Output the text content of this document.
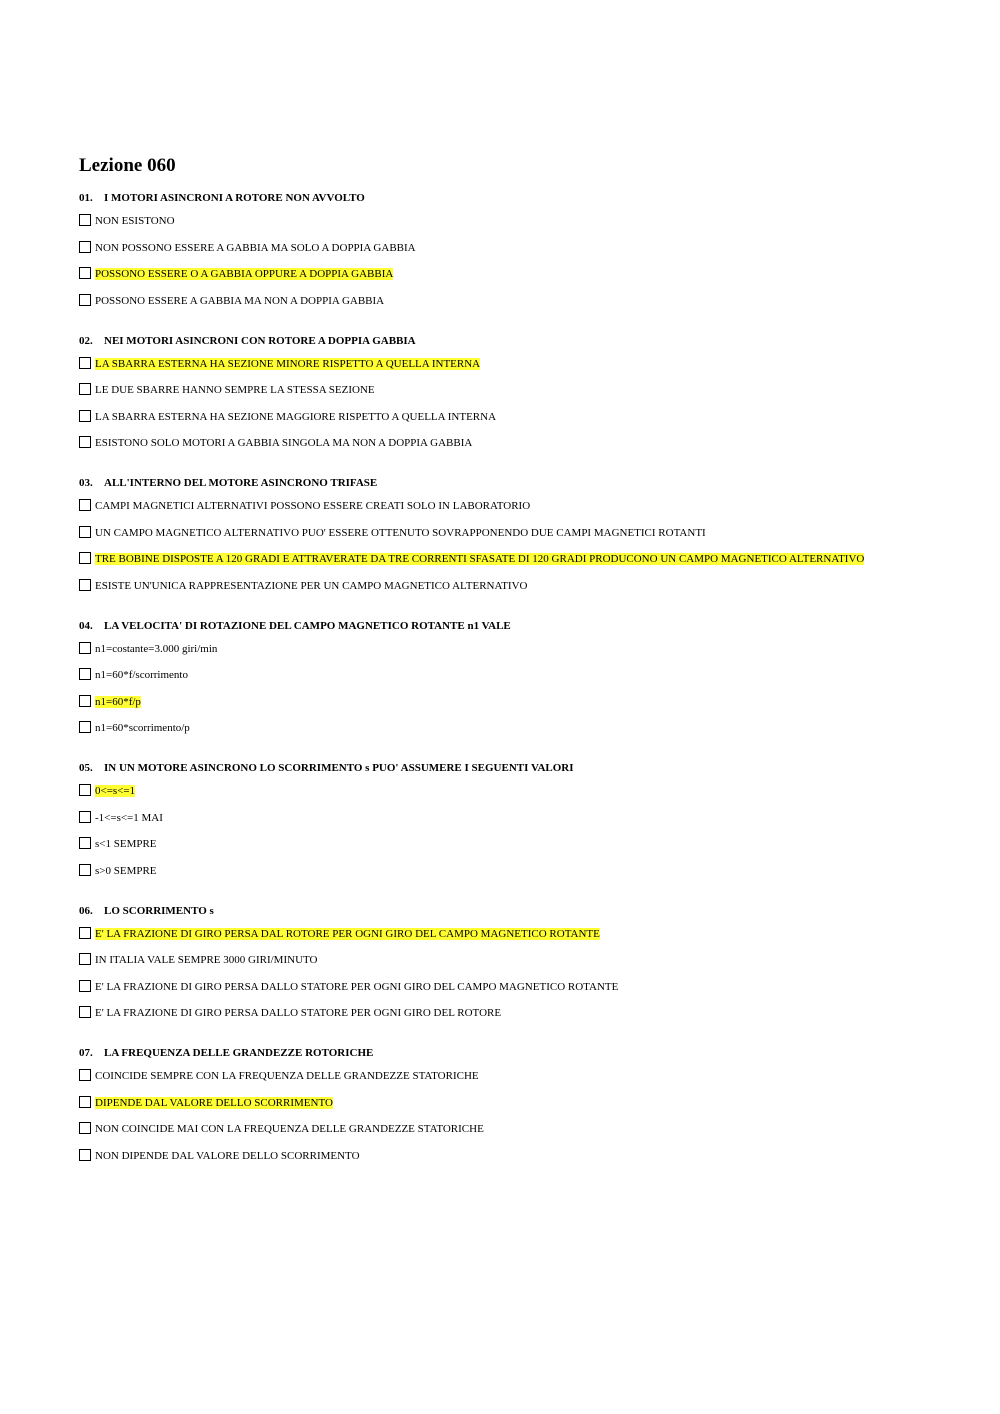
Lezione 060
01. I MOTORI ASINCRONI A ROTORE NON AVVOLTO
NON ESISTONO
NON POSSONO ESSERE A GABBIA MA SOLO A DOPPIA GABBIA
POSSONO ESSERE O A GABBIA OPPURE A DOPPIA GABBIA
POSSONO ESSERE A GABBIA MA NON A DOPPIA GABBIA
02. NEI MOTORI ASINCRONI CON ROTORE A DOPPIA GABBIA
LA SBARRA ESTERNA HA SEZIONE MINORE RISPETTO A QUELLA INTERNA
LE DUE SBARRE HANNO SEMPRE LA STESSA SEZIONE
LA SBARRA ESTERNA HA SEZIONE MAGGIORE RISPETTO A QUELLA INTERNA
ESISTONO SOLO MOTORI A GABBIA SINGOLA MA NON A DOPPIA GABBIA
03. ALL'INTERNO DEL MOTORE ASINCRONO TRIFASE
CAMPI MAGNETICI ALTERNATIVI POSSONO ESSERE CREATI SOLO IN LABORATORIO
UN CAMPO MAGNETICO ALTERNATIVO PUO' ESSERE OTTENUTO SOVRAPPONENDO DUE CAMPI MAGNETICI ROTANTI
TRE BOBINE DISPOSTE A 120 GRADI E ATTRAVERATE DA TRE CORRENTI SFASATE DI 120 GRADI PRODUCONO UN CAMPO MAGNETICO ALTERNATIVO
ESISTE UN'UNICA RAPPRESENTAZIONE PER UN CAMPO MAGNETICO ALTERNATIVO
04. LA VELOCITA' DI ROTAZIONE DEL CAMPO MAGNETICO ROTANTE n1 VALE
n1=costante=3.000 giri/min
n1=60*f/scorrimento
n1=60*f/p
n1=60*scorrimento/p
05. IN UN MOTORE ASINCRONO LO SCORRIMENTO s PUO' ASSUMERE I SEGUENTI VALORI
0<=s<=1
-1<=s<=1 MAI
s<1 SEMPRE
s>0 SEMPRE
06. LO SCORRIMENTO s
E' LA FRAZIONE DI GIRO PERSA DAL ROTORE PER OGNI GIRO DEL CAMPO MAGNETICO ROTANTE
IN ITALIA VALE SEMPRE 3000 GIRI/MINUTO
E' LA FRAZIONE DI GIRO PERSA DALLO STATORE PER OGNI GIRO DEL CAMPO MAGNETICO ROTANTE
E' LA FRAZIONE DI GIRO PERSA DALLO STATORE PER OGNI GIRO DEL ROTORE
07. LA FREQUENZA DELLE GRANDEZZE ROTORICHE
COINCIDE SEMPRE CON LA FREQUENZA DELLE GRANDEZZE STATORICHE
DIPENDE DAL VALORE DELLO SCORRIMENTO
NON COINCIDE MAI CON LA FREQUENZA DELLE GRANDEZZE STATORICHE
NON DIPENDE DAL VALORE DELLO SCORRIMENTO
